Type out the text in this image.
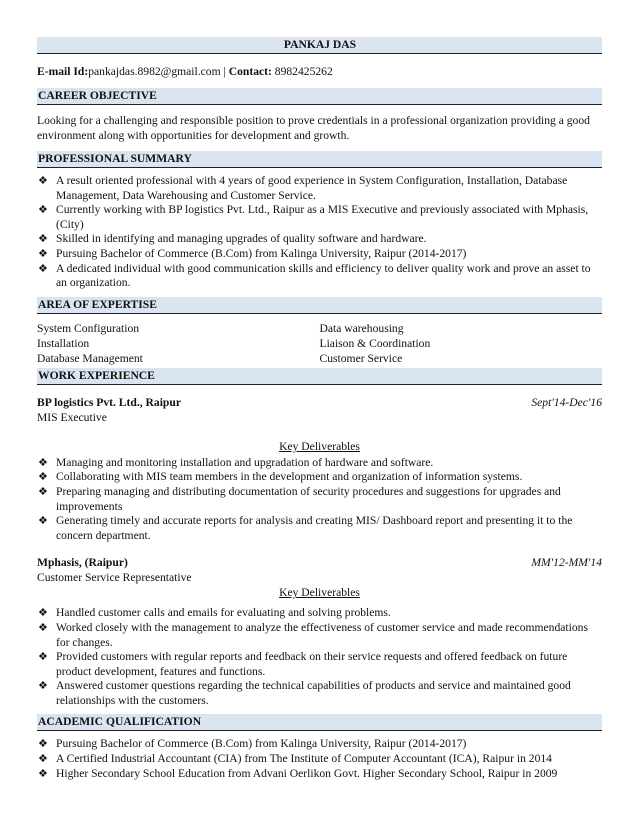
PANKAJ DAS
E-mail Id:pankajdas.8982@gmail.com | Contact: 8982425262
CAREER OBJECTIVE
Looking for a challenging and responsible position to prove credentials in a professional organization providing a good environment along with opportunities for development and growth.
PROFESSIONAL SUMMARY
❖ A result oriented professional with 4 years of good experience in System Configuration, Installation, Database Management, Data Warehousing and Customer Service.
❖ Currently working with BP logistics Pvt. Ltd., Raipur as a MIS Executive and previously associated with Mphasis, (City)
❖ Skilled in identifying and managing upgrades of quality software and hardware.
❖ Pursuing Bachelor of Commerce (B.Com) from Kalinga University, Raipur (2014-2017)
❖ A dedicated individual with good communication skills and efficiency to deliver quality work and prove an asset to an organization.
AREA OF EXPERTISE
System Configuration
Installation
Database Management
Data warehousing
Liaison & Coordination
Customer Service
WORK EXPERIENCE
BP logistics Pvt. Ltd., Raipur	Sept'14-Dec'16
MIS Executive
Key Deliverables
❖ Managing and monitoring installation and upgradation of hardware and software.
❖ Collaborating with MIS team members in the development and organization of information systems.
❖ Preparing managing and distributing documentation of security procedures and suggestions for upgrades and improvements
❖ Generating timely and accurate reports for analysis and creating MIS/ Dashboard report and presenting it to the concern department.
Mphasis, (Raipur)	MM'12-MM'14
Customer Service Representative
Key Deliverables
❖ Handled customer calls and emails for evaluating and solving problems.
❖ Worked closely with the management to analyze the effectiveness of customer service and made recommendations for changes.
❖ Provided customers with regular reports and feedback on their service requests and offered feedback on future product development, features and functions.
❖ Answered customer questions regarding the technical capabilities of products and service and maintained good relationships with the customers.
ACADEMIC QUALIFICATION
❖ Pursuing Bachelor of Commerce (B.Com) from Kalinga University, Raipur (2014-2017)
❖ A Certified Industrial Accountant (CIA) from The Institute of Computer Accountant (ICA), Raipur in 2014
❖ Higher Secondary School Education from Advani Oerlikon Govt. Higher Secondary School, Raipur in 2009
